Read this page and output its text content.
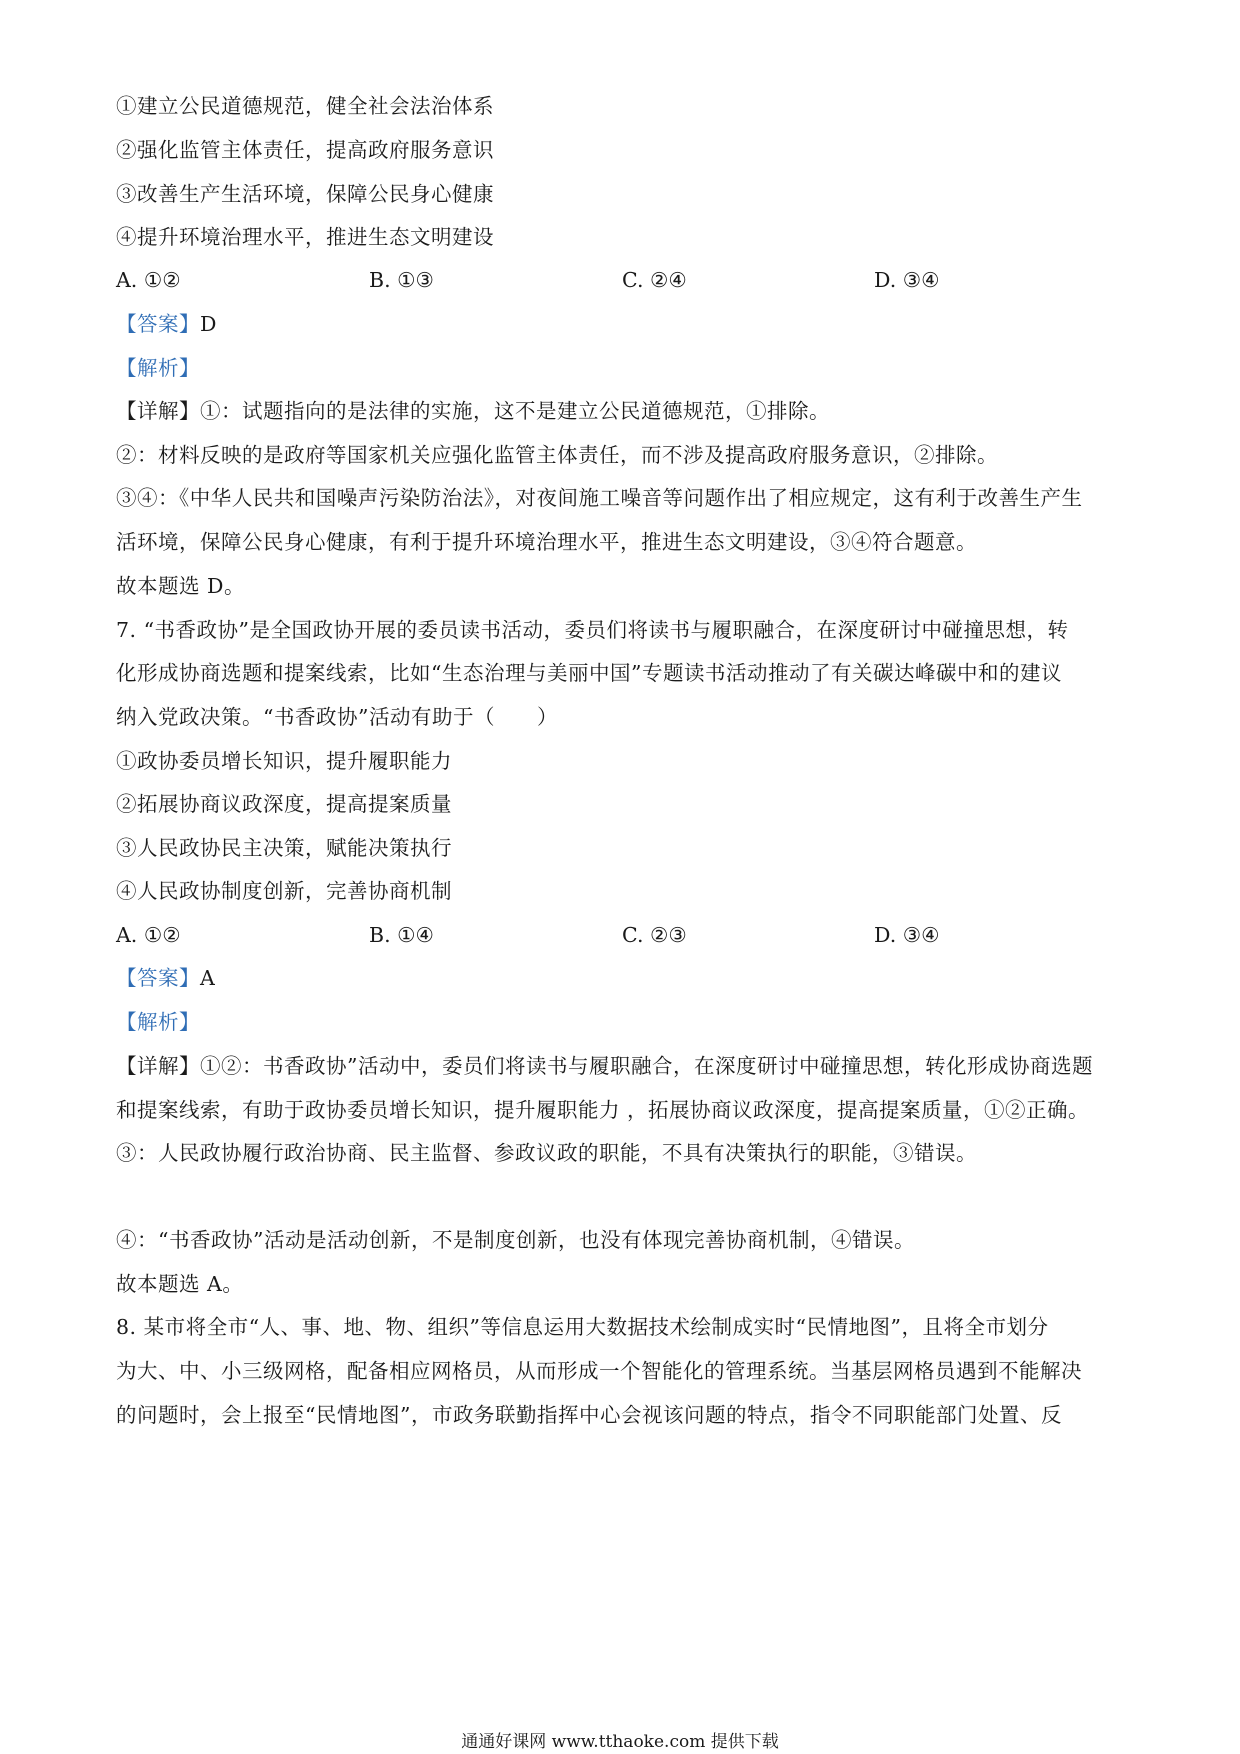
①建立公民道德规范，健全社会法治体系
②强化监管主体责任，提高政府服务意识
③改善生产生活环境，保障公民身心健康
④提升环境治理水平，推进生态文明建设
A. ①②	B. ①③	C. ②④	D. ③④
【答案】D
【解析】
【详解】①：试题指向的是法律的实施，这不是建立公民道德规范，①排除。
②：材料反映的是政府等国家机关应强化监管主体责任，而不涉及提高政府服务意识，②排除。
③④：《中华人民共和国噪声污染防治法》，对夜间施工噪音等问题作出了相应规定，这有利于改善生产生
活环境，保障公民身心健康，有利于提升环境治理水平，推进生态文明建设，③④符合题意。
故本题选 D。
7. “书香政协”是全国政协开展的委员读书活动，委员们将读书与履职融合，在深度研讨中碰撞思想，转
化形成协商选题和提案线索，比如“生态治理与美丽中国”专题读书活动推动了有关碳达峰碳中和的建议
纳入党政决策。“书香政协”活动有助于（　　）
①政协委员增长知识，提升履职能力
②拓展协商议政深度，提高提案质量
③人民政协民主决策，赋能决策执行
④人民政协制度创新，完善协商机制
A. ①②	B. ①④	C. ②③	D. ③④
【答案】A
【解析】
【详解】①②：书香政协”活动中，委员们将读书与履职融合，在深度研讨中碰撞思想，转化形成协商选题
和提案线索，有助于政协委员增长知识，提升履职能力 ，拓展协商议政深度，提高提案质量，①②正确。
③：人民政协履行政治协商、民主监督、参政议政的职能，不具有决策执行的职能，③错误。
④：“书香政协”活动是活动创新，不是制度创新，也没有体现完善协商机制，④错误。
故本题选 A。
8. 某市将全市“人、事、地、物、组织”等信息运用大数据技术绘制成实时“民情地图”，且将全市划分
为大、中、小三级网格，配备相应网格员，从而形成一个智能化的管理系统。当基层网格员遇到不能解决
的问题时，会上报至“民情地图”，市政务联勤指挥中心会视该问题的特点，指令不同职能部门处置、反
通通好课网 www.tthaoke.com 提供下载
